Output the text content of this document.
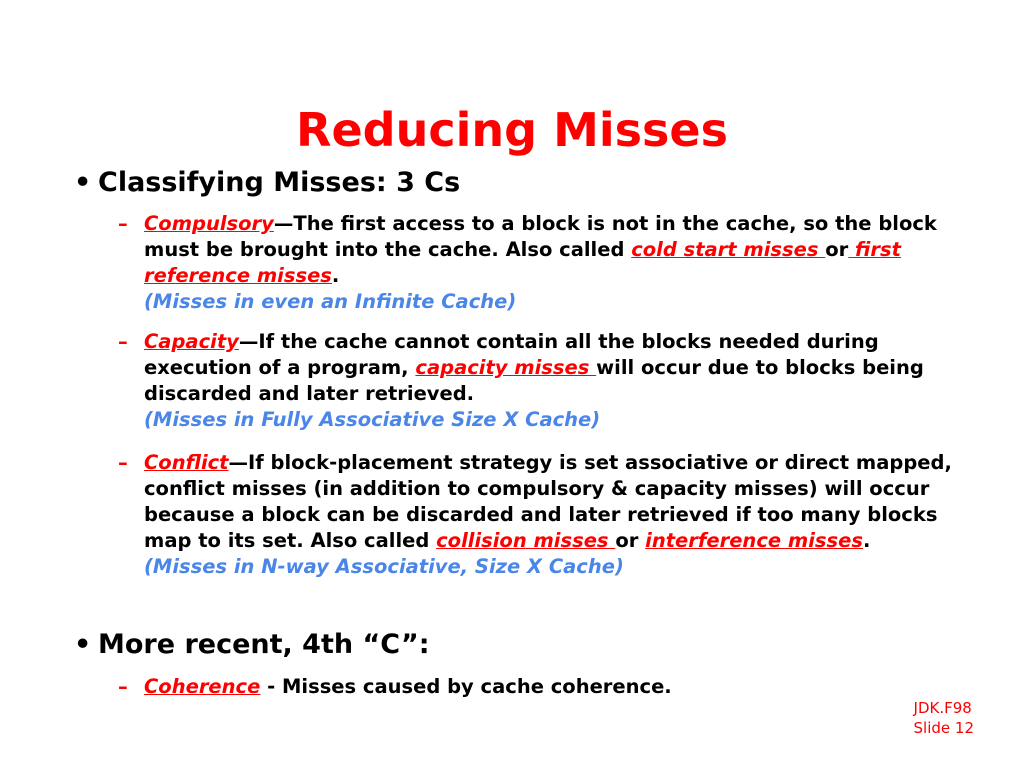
Reducing Misses
• Classifying Misses: 3 Cs
– Compulsory—The first access to a block is not in the cache, so the block must be brought into the cache. Also called cold start misses or first reference misses.
(Misses in even an Infinite Cache)
– Capacity—If the cache cannot contain all the blocks needed during execution of a program, capacity misses will occur due to blocks being discarded and later retrieved.
(Misses in Fully Associative Size X Cache)
– Conflict—If block-placement strategy is set associative or direct mapped, conflict misses (in addition to compulsory & capacity misses) will occur because a block can be discarded and later retrieved if too many blocks map to its set. Also called collision misses or interference misses.
(Misses in N-way Associative, Size X Cache)
• More recent, 4th “C”:
– Coherence - Misses caused by cache coherence.
JDK.F98
Slide 12
